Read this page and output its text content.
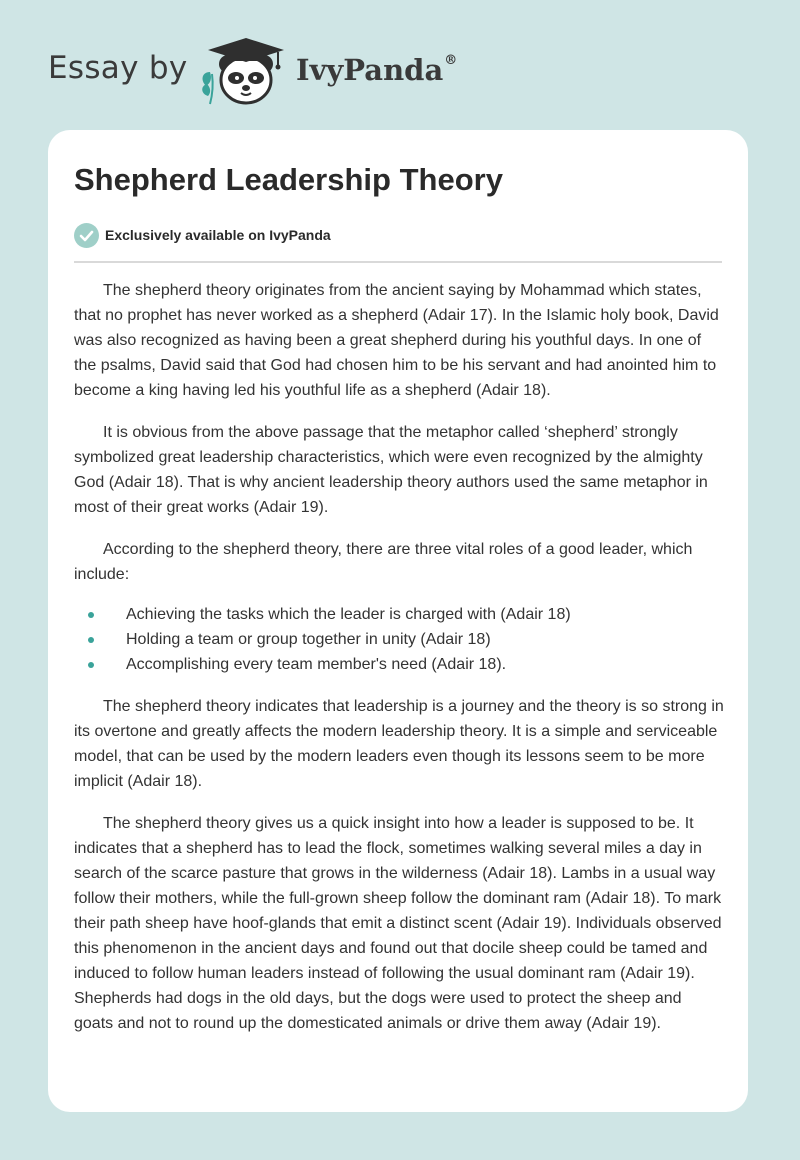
Essay by	IvyPanda®
Shepherd Leadership Theory
Exclusively available on IvyPanda

The shepherd theory originates from the ancient saying by Mohammad which states, that no prophet has never worked as a shepherd (Adair 17). In the Islamic holy book, David was also recognized as having been a great shepherd during his youthful days. In one of the psalms, David said that God had chosen him to be his servant and had anointed him to become a king having led his youthful life as a shepherd (Adair 18).

It is obvious from the above passage that the metaphor called ‘shepherd’ strongly symbolized great leadership characteristics, which were even recognized by the almighty God (Adair 18). That is why ancient leadership theory authors used the same metaphor in most of their great works (Adair 19).

According to the shepherd theory, there are three vital roles of a good leader, which include:

Achieving the tasks which the leader is charged with (Adair 18)
Holding a team or group together in unity (Adair 18)
Accomplishing every team member's need (Adair 18).

The shepherd theory indicates that leadership is a journey and the theory is so strong in its overtone and greatly affects the modern leadership theory. It is a simple and serviceable model, that can be used by the modern leaders even though its lessons seem to be more implicit (Adair 18).

The shepherd theory gives us a quick insight into how a leader is supposed to be. It indicates that a shepherd has to lead the flock, sometimes walking several miles a day in search of the scarce pasture that grows in the wilderness (Adair 18). Lambs in a usual way follow their mothers, while the full-grown sheep follow the dominant ram (Adair 18). To mark their path sheep have hoof-glands that emit a distinct scent (Adair 19). Individuals observed this phenomenon in the ancient days and found out that docile sheep could be tamed and induced to follow human leaders instead of following the usual dominant ram (Adair 19). Shepherds had dogs in the old days, but the dogs were used to protect the sheep and goats and not to round up the domesticated animals or drive them away (Adair 19).
